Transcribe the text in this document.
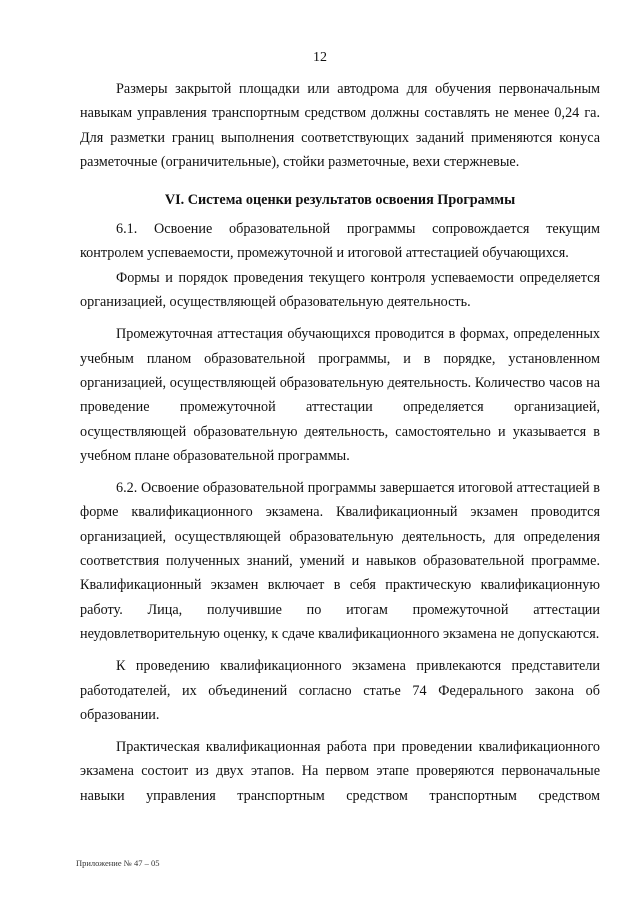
12

Размеры закрытой площадки или автодрома для обучения первоначальным навыкам управления транспортным средством должны составлять не менее 0,24 га. Для разметки границ выполнения соответствующих заданий применяются конуса разметочные (ограничительные), стойки разметочные, вехи стержневые.

VI. Система оценки результатов освоения Программы

6.1. Освоение образовательной программы сопровождается текущим контролем успеваемости, промежуточной и итоговой аттестацией обучающихся.

Формы и порядок проведения текущего контроля успеваемости определяется организацией, осуществляющей образовательную деятельность.

Промежуточная аттестация обучающихся проводится в формах, определенных учебным планом образовательной программы, и в порядке, установленном организацией, осуществляющей образовательную деятельность. Количество часов на проведение промежуточной аттестации определяется организацией, осуществляющей образовательную деятельность, самостоятельно и указывается в учебном плане образовательной программы.

6.2. Освоение образовательной программы завершается итоговой аттестацией в форме квалификационного экзамена. Квалификационный экзамен проводится организацией, осуществляющей образовательную деятельность, для определения соответствия полученных знаний, умений и навыков образовательной программе. Квалификационный экзамен включает в себя практическую квалификационную работу. Лица, получившие по итогам промежуточной аттестации неудовлетворительную оценку, к сдаче квалификационного экзамена не допускаются.

К проведению квалификационного экзамена привлекаются представители работодателей, их объединений согласно статье 74 Федерального закона об образовании.

Практическая квалификационная работа при проведении квалификационного экзамена состоит из двух этапов. На первом этапе проверяются первоначальные навыки управления транспортным средством транспортным средством

Приложение № 47 – 05
